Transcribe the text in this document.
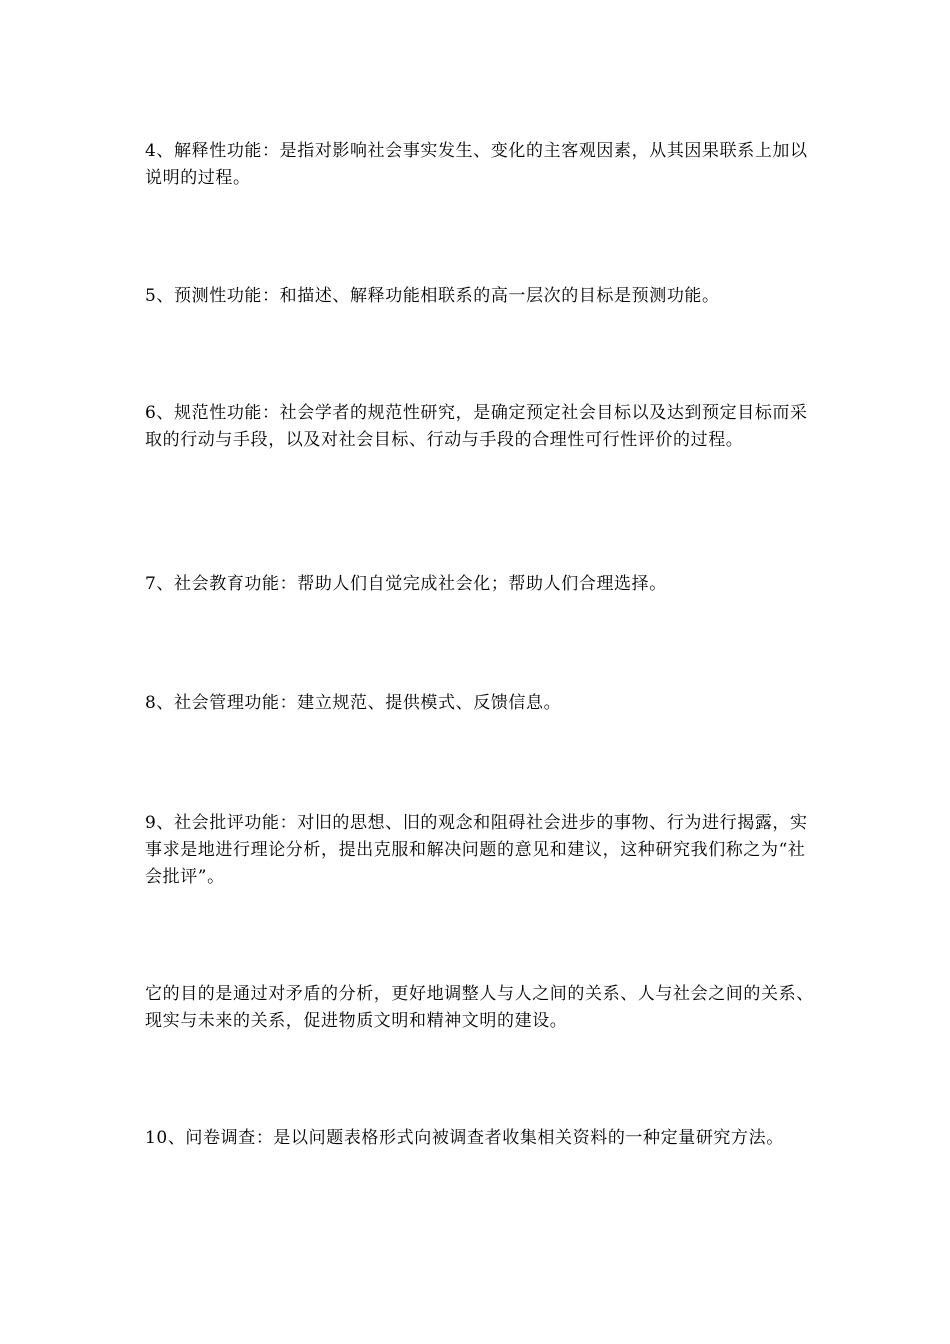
4、解释性功能：是指对影响社会事实发生、变化的主客观因素，从其因果联系上加以说明的过程。

5、预测性功能：和描述、解释功能相联系的高一层次的目标是预测功能。

6、规范性功能：社会学者的规范性研究，是确定预定社会目标以及达到预定目标而采取的行动与手段，以及对社会目标、行动与手段的合理性可行性评价的过程。

7、社会教育功能：帮助人们自觉完成社会化；帮助人们合理选择。

8、社会管理功能：建立规范、提供模式、反馈信息。

9、社会批评功能：对旧的思想、旧的观念和阻碍社会进步的事物、行为进行揭露，实事求是地进行理论分析，提出克服和解决问题的意见和建议，这种研究我们称之为“社会批评”。

它的目的是通过对矛盾的分析，更好地调整人与人之间的关系、人与社会之间的关系、现实与未来的关系，促进物质文明和精神文明的建设。

10、问卷调查：是以问题表格形式向被调查者收集相关资料的一种定量研究方法。
